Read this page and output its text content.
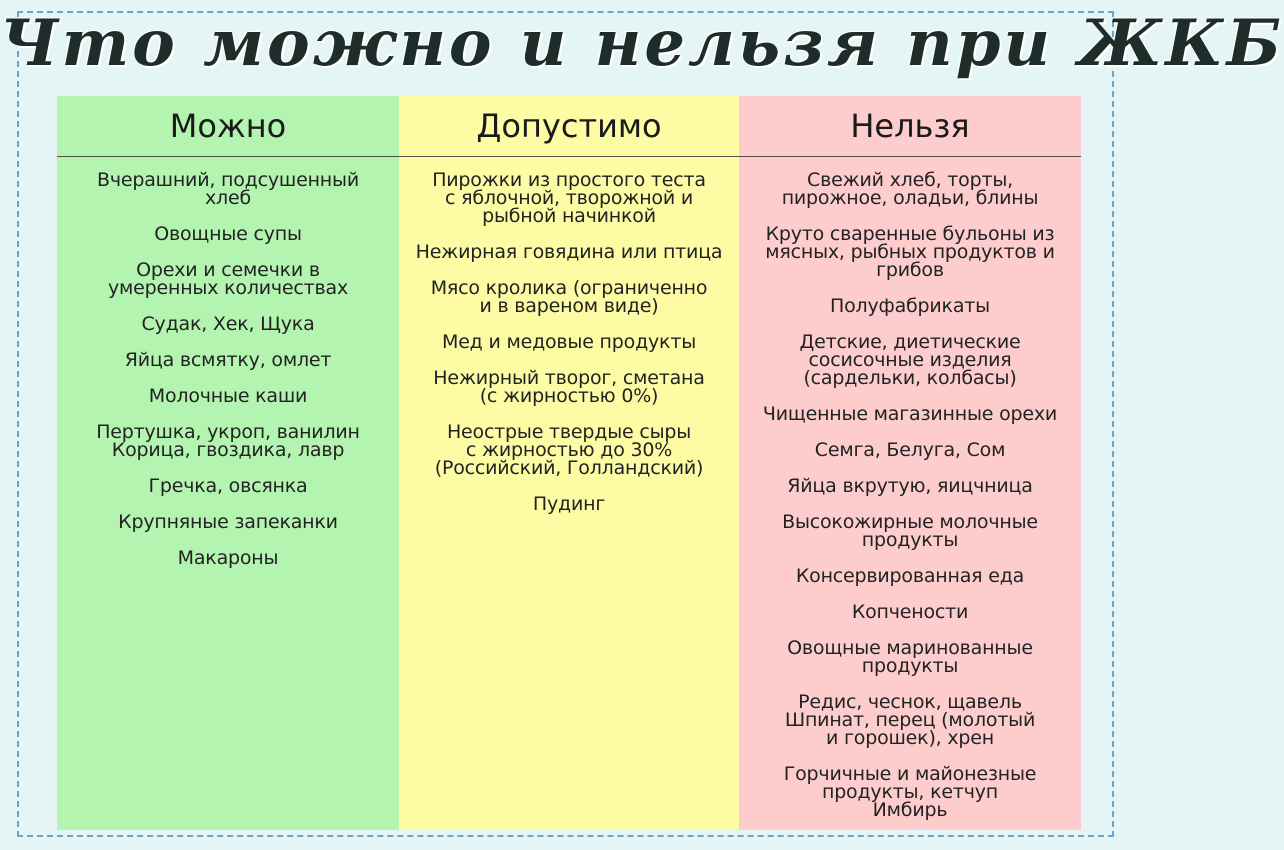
Что можно и нельзя при ЖКБ
Можно
Вчерашний, подсушенный
хлеб
Овощные супы
Орехи и семечки в
умеренных количествах
Судак, Хек, Щука
Яйца всмятку, омлет
Молочные каши
Пертушка, укроп, ванилин
Корица, гвоздика, лавр
Гречка, овсянка
Крупняные запеканки
Макароны
Допустимо
Пирожки из простого теста
с яблочной, творожной и
рыбной начинкой
Нежирная говядина или птица
Мясо кролика (ограниченно
и в вареном виде)
Мед и медовые продукты
Нежирный творог, сметана
(с жирностью 0%)
Неострые твердые сыры
с жирностью до 30%
(Российский, Голландский)
Пудинг
Нельзя
Свежий хлеб, торты,
пирожное, оладьи, блины
Круто сваренные бульоны из
мясных, рыбных продуктов и
грибов
Полуфабрикаты
Детские, диетические
сосисочные изделия
(сардельки, колбасы)
Чищенные магазинные орехи
Семга, Белуга, Сом
Яйца вкрутую, яицчница
Высокожирные молочные
продукты
Консервированная еда
Копчености
Овощные маринованные
продукты
Редис, чеснок, щавель
Шпинат, перец (молотый
и горошек), хрен
Горчичные и майонезные
продукты, кетчуп
Имбирь
